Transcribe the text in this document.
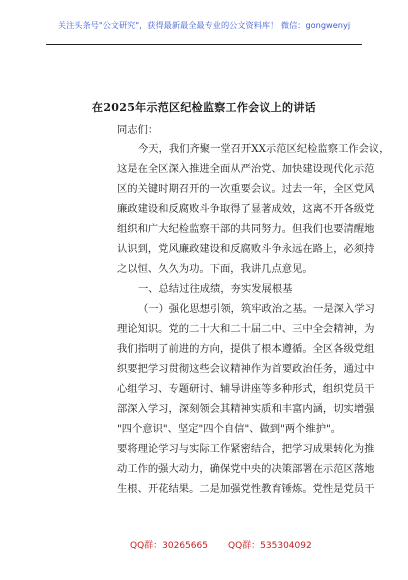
关注头条号"公文研究"，获得最新最全最专业的公文资料库！ 微信：gongwenyj
在2025年示范区纪检监察工作会议上的讲话
同志们：
今天，我们齐聚一堂召开XX示范区纪检监察工作会议，
这是在全区深入推进全面从严治党、加快建设现代化示范
区的关键时期召开的一次重要会议。过去一年，全区党风
廉政建设和反腐败斗争取得了显著成效，这离不开各级党
组织和广大纪检监察干部的共同努力。但我们也要清醒地
认识到，党风廉政建设和反腐败斗争永远在路上，必须持
之以恒、久久为功。下面，我讲几点意见。
一、总结过往成绩，夯实发展根基
（一）强化思想引领，筑牢政治之基。一是深入学习
理论知识。党的二十大和二十届二中、三中全会精神，为
我们指明了前进的方向，提供了根本遵循。全区各级党组
织要把学习贯彻这些会议精神作为首要政治任务，通过中
心组学习、专题研讨、辅导讲座等多种形式，组织党员干
部深入学习，深刻领会其精神实质和丰富内涵，切实增强
"四个意识"、坚定"四个自信"、做到"两个维护"。
要将理论学习与实际工作紧密结合，把学习成果转化为推
动工作的强大动力，确保党中央的决策部署在示范区落地
生根、开花结果。二是加强党性教育锤炼。党性是党员干
QQ群：30265665 QQ群：535304092
